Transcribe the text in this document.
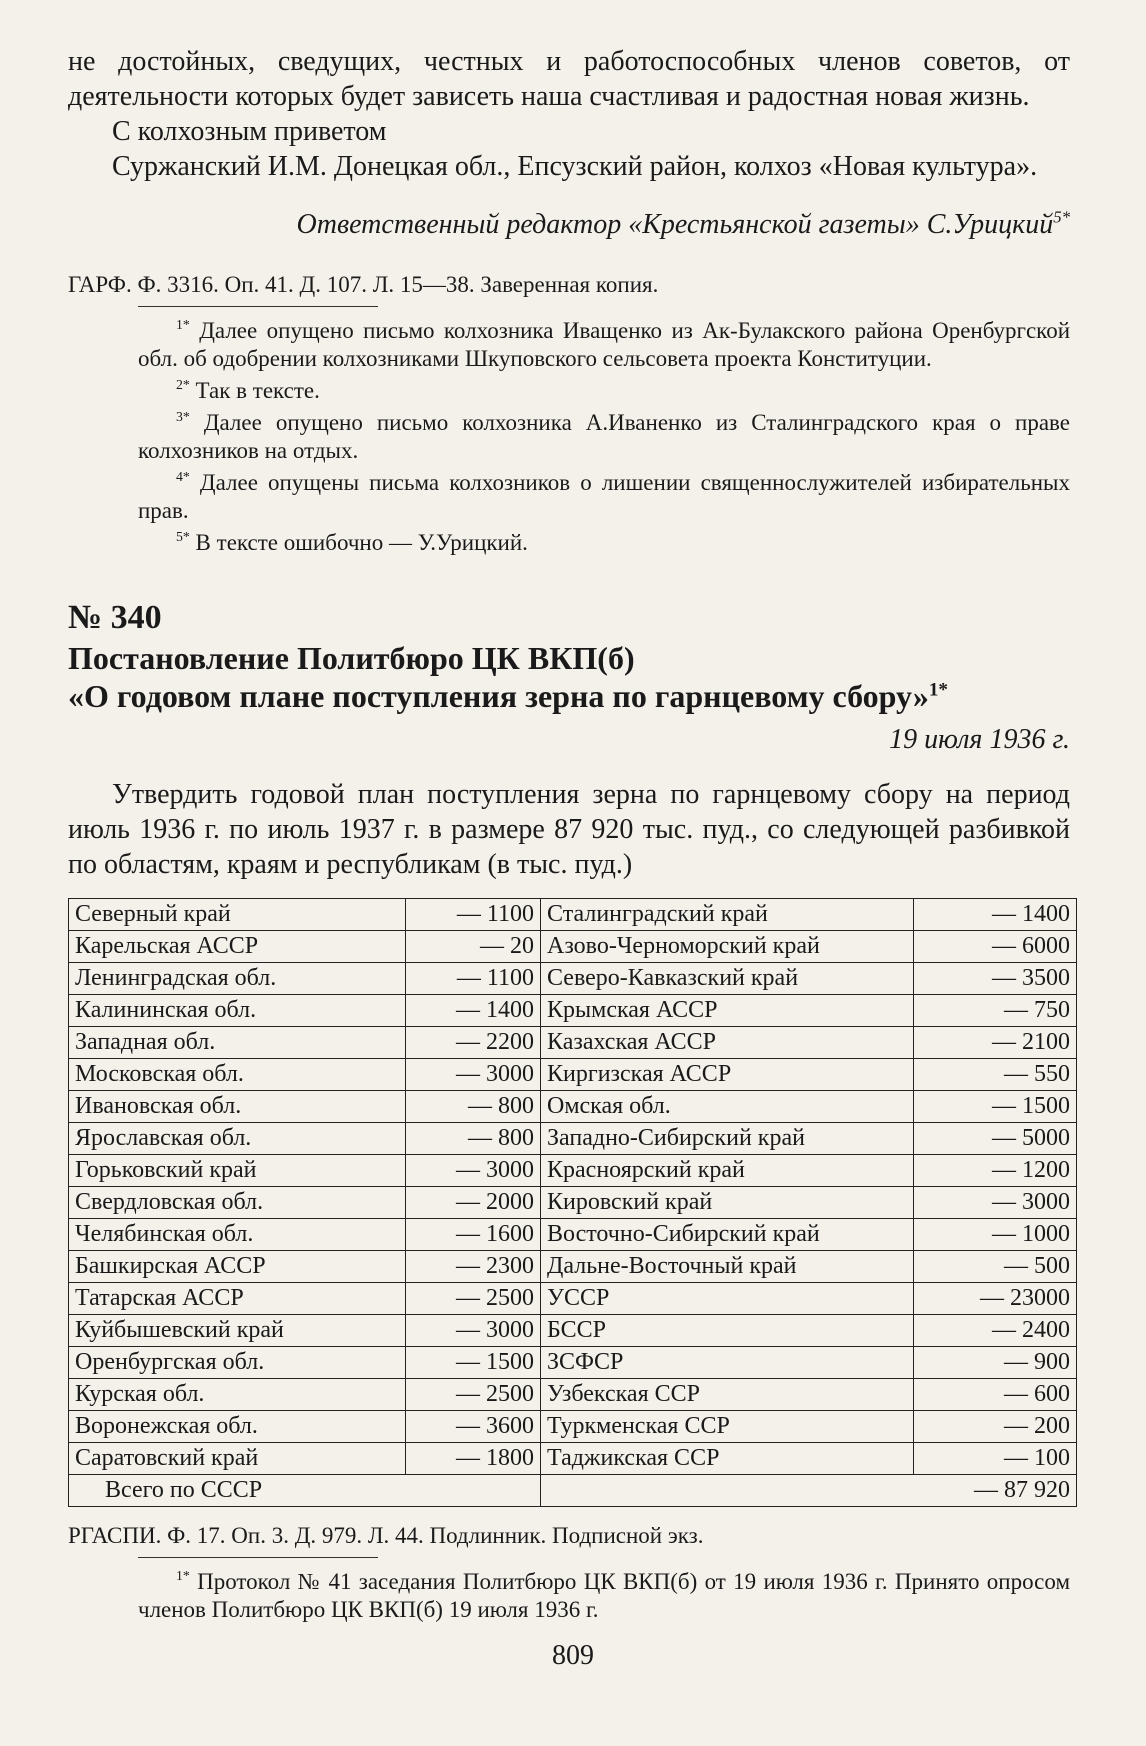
не достойных, сведущих, честных и работоспособных членов советов, от деятельности которых будет зависеть наша счастливая и радостная новая жизнь.

С колхозным приветом

Суржанский И.М. Донецкая обл., Епсузский район, колхоз «Новая культура».

Ответственный редактор «Крестьянской газеты» С.Урицкий$^{5*}$

ГАРФ. Ф. 3316. Оп. 41. Д. 107. Л. 15—38. Заверенная копия.

$^{1*}$ Далее опущено письмо колхозника Иващенко из Ак-Булакского района Оренбургской обл. об одобрении колхозниками Шкуповского сельсовета проекта Конституции.

$^{2*}$ Так в тексте.

$^{3*}$ Далее опущено письмо колхозника А.Иваненко из Сталинградского края о праве колхозников на отдых.

$^{4*}$ Далее опущены письма колхозников о лишении священнослужителей избирательных прав.

$^{5*}$ В тексте ошибочно — У.Урицкий.

№ 340

Постановление Политбюро ЦК ВКП(б)

«О годовом плане поступления зерна по гарнцевому сбору»$^{1*}$

19 июля 1936 г.

Утвердить годовой план поступления зерна по гарнцевому сбору на период июль 1936 г. по июль 1937 г. в размере 87 920 тыс. пуд., со следующей разбивкой по областям, краям и республикам (в тыс. пуд.)

Северный край	— 1100	Сталинградский край	— 1400
Карельская АССР	— 20	Азово-Черноморский край	— 6000
Ленинградская обл.	— 1100	Северо-Кавказский край	— 3500
Калининская обл.	— 1400	Крымская АССР	— 750
Западная обл.	— 2200	Казахская АССР	— 2100
Московская обл.	— 3000	Киргизская АССР	— 550
Ивановская обл.	— 800	Омская обл.	— 1500
Ярославская обл.	— 800	Западно-Сибирский край	— 5000
Горьковский край	— 3000	Красноярский край	— 1200
Свердловская обл.	— 2000	Кировский край	— 3000
Челябинская обл.	— 1600	Восточно-Сибирский край	— 1000
Башкирская АССР	— 2300	Дальне-Восточный край	— 500
Татарская АССР	— 2500	УССР	— 23000
Куйбышевский край	— 3000	БССР	— 2400
Оренбургская обл.	— 1500	ЗСФСР	— 900
Курская обл.	— 2500	Узбекская ССР	— 600
Воронежская обл.	— 3600	Туркменская ССР	— 200
Саратовский край	— 1800	Таджикская ССР	— 100
Всего по СССР		— 87 920	

РГАСПИ. Ф. 17. Оп. 3. Д. 979. Л. 44. Подлинник. Подписной экз.

$^{1*}$ Протокол № 41 заседания Политбюро ЦК ВКП(б) от 19 июля 1936 г. Принято опросом членов Политбюро ЦК ВКП(б) 19 июля 1936 г.

809
